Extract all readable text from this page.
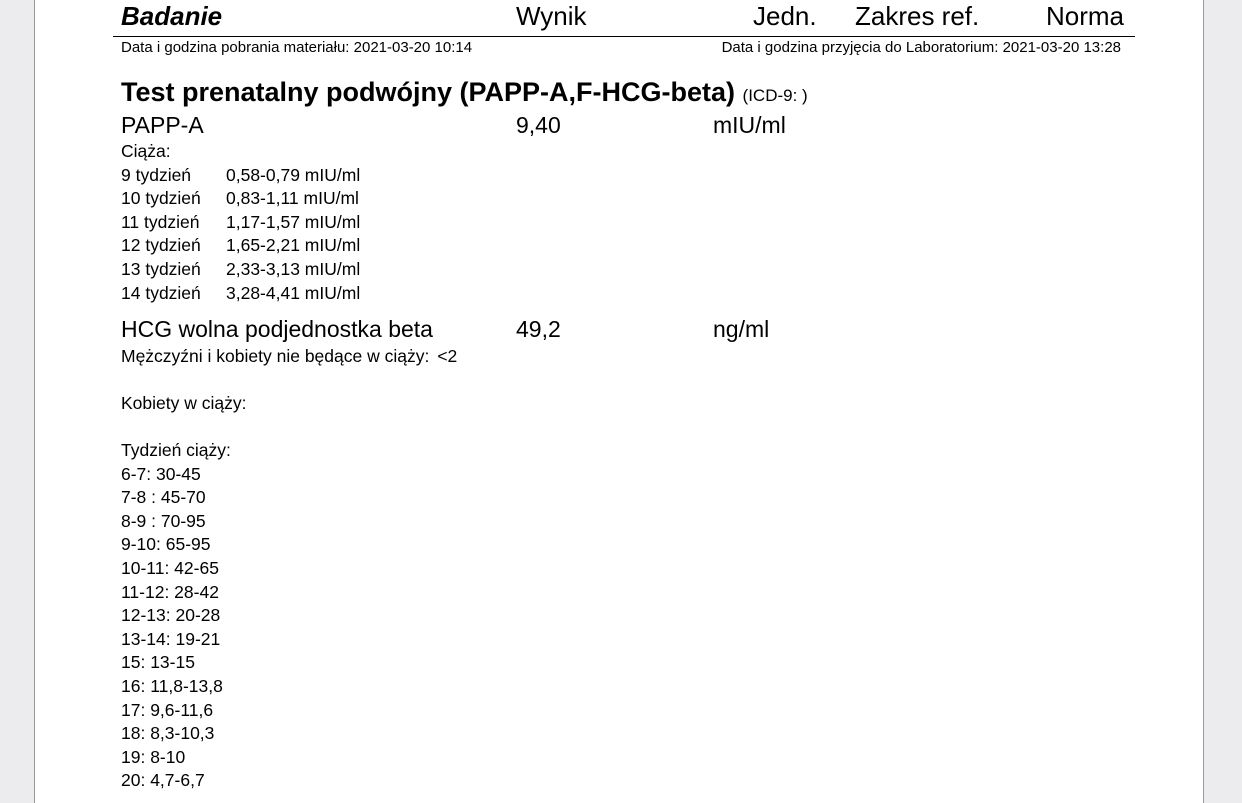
Badanie	Wynik	Jedn. Zakres ref.	Norma
Data i godzina pobrania materiału: 2021-03-20 10:14	Data i godzina przyjęcia do Laboratorium: 2021-03-20 13:28
Test prenatalny podwójny (PAPP-A,F-HCG-beta) (ICD-9: )
PAPP-A	9,40	mIU/ml
Ciąża:
9 tydzień 0,58-0,79 mIU/ml
10 tydzień 0,83-1,11 mIU/ml
11 tydzień 1,17-1,57 mIU/ml
12 tydzień 1,65-2,21 mIU/ml
13 tydzień 2,33-3,13 mIU/ml
14 tydzień 3,28-4,41 mIU/ml
HCG wolna podjednostka beta	49,2	ng/ml
Mężczyźni i kobiety nie będące w ciąży: <2
Kobiety w ciąży:
Tydzień ciąży:
6-7: 30-45
7-8 : 45-70
8-9 : 70-95
9-10: 65-95
10-11: 42-65
11-12: 28-42
12-13: 20-28
13-14: 19-21
15: 13-15
16: 11,8-13,8
17: 9,6-11,6
18: 8,3-10,3
19: 8-10
20: 4,7-6,7
